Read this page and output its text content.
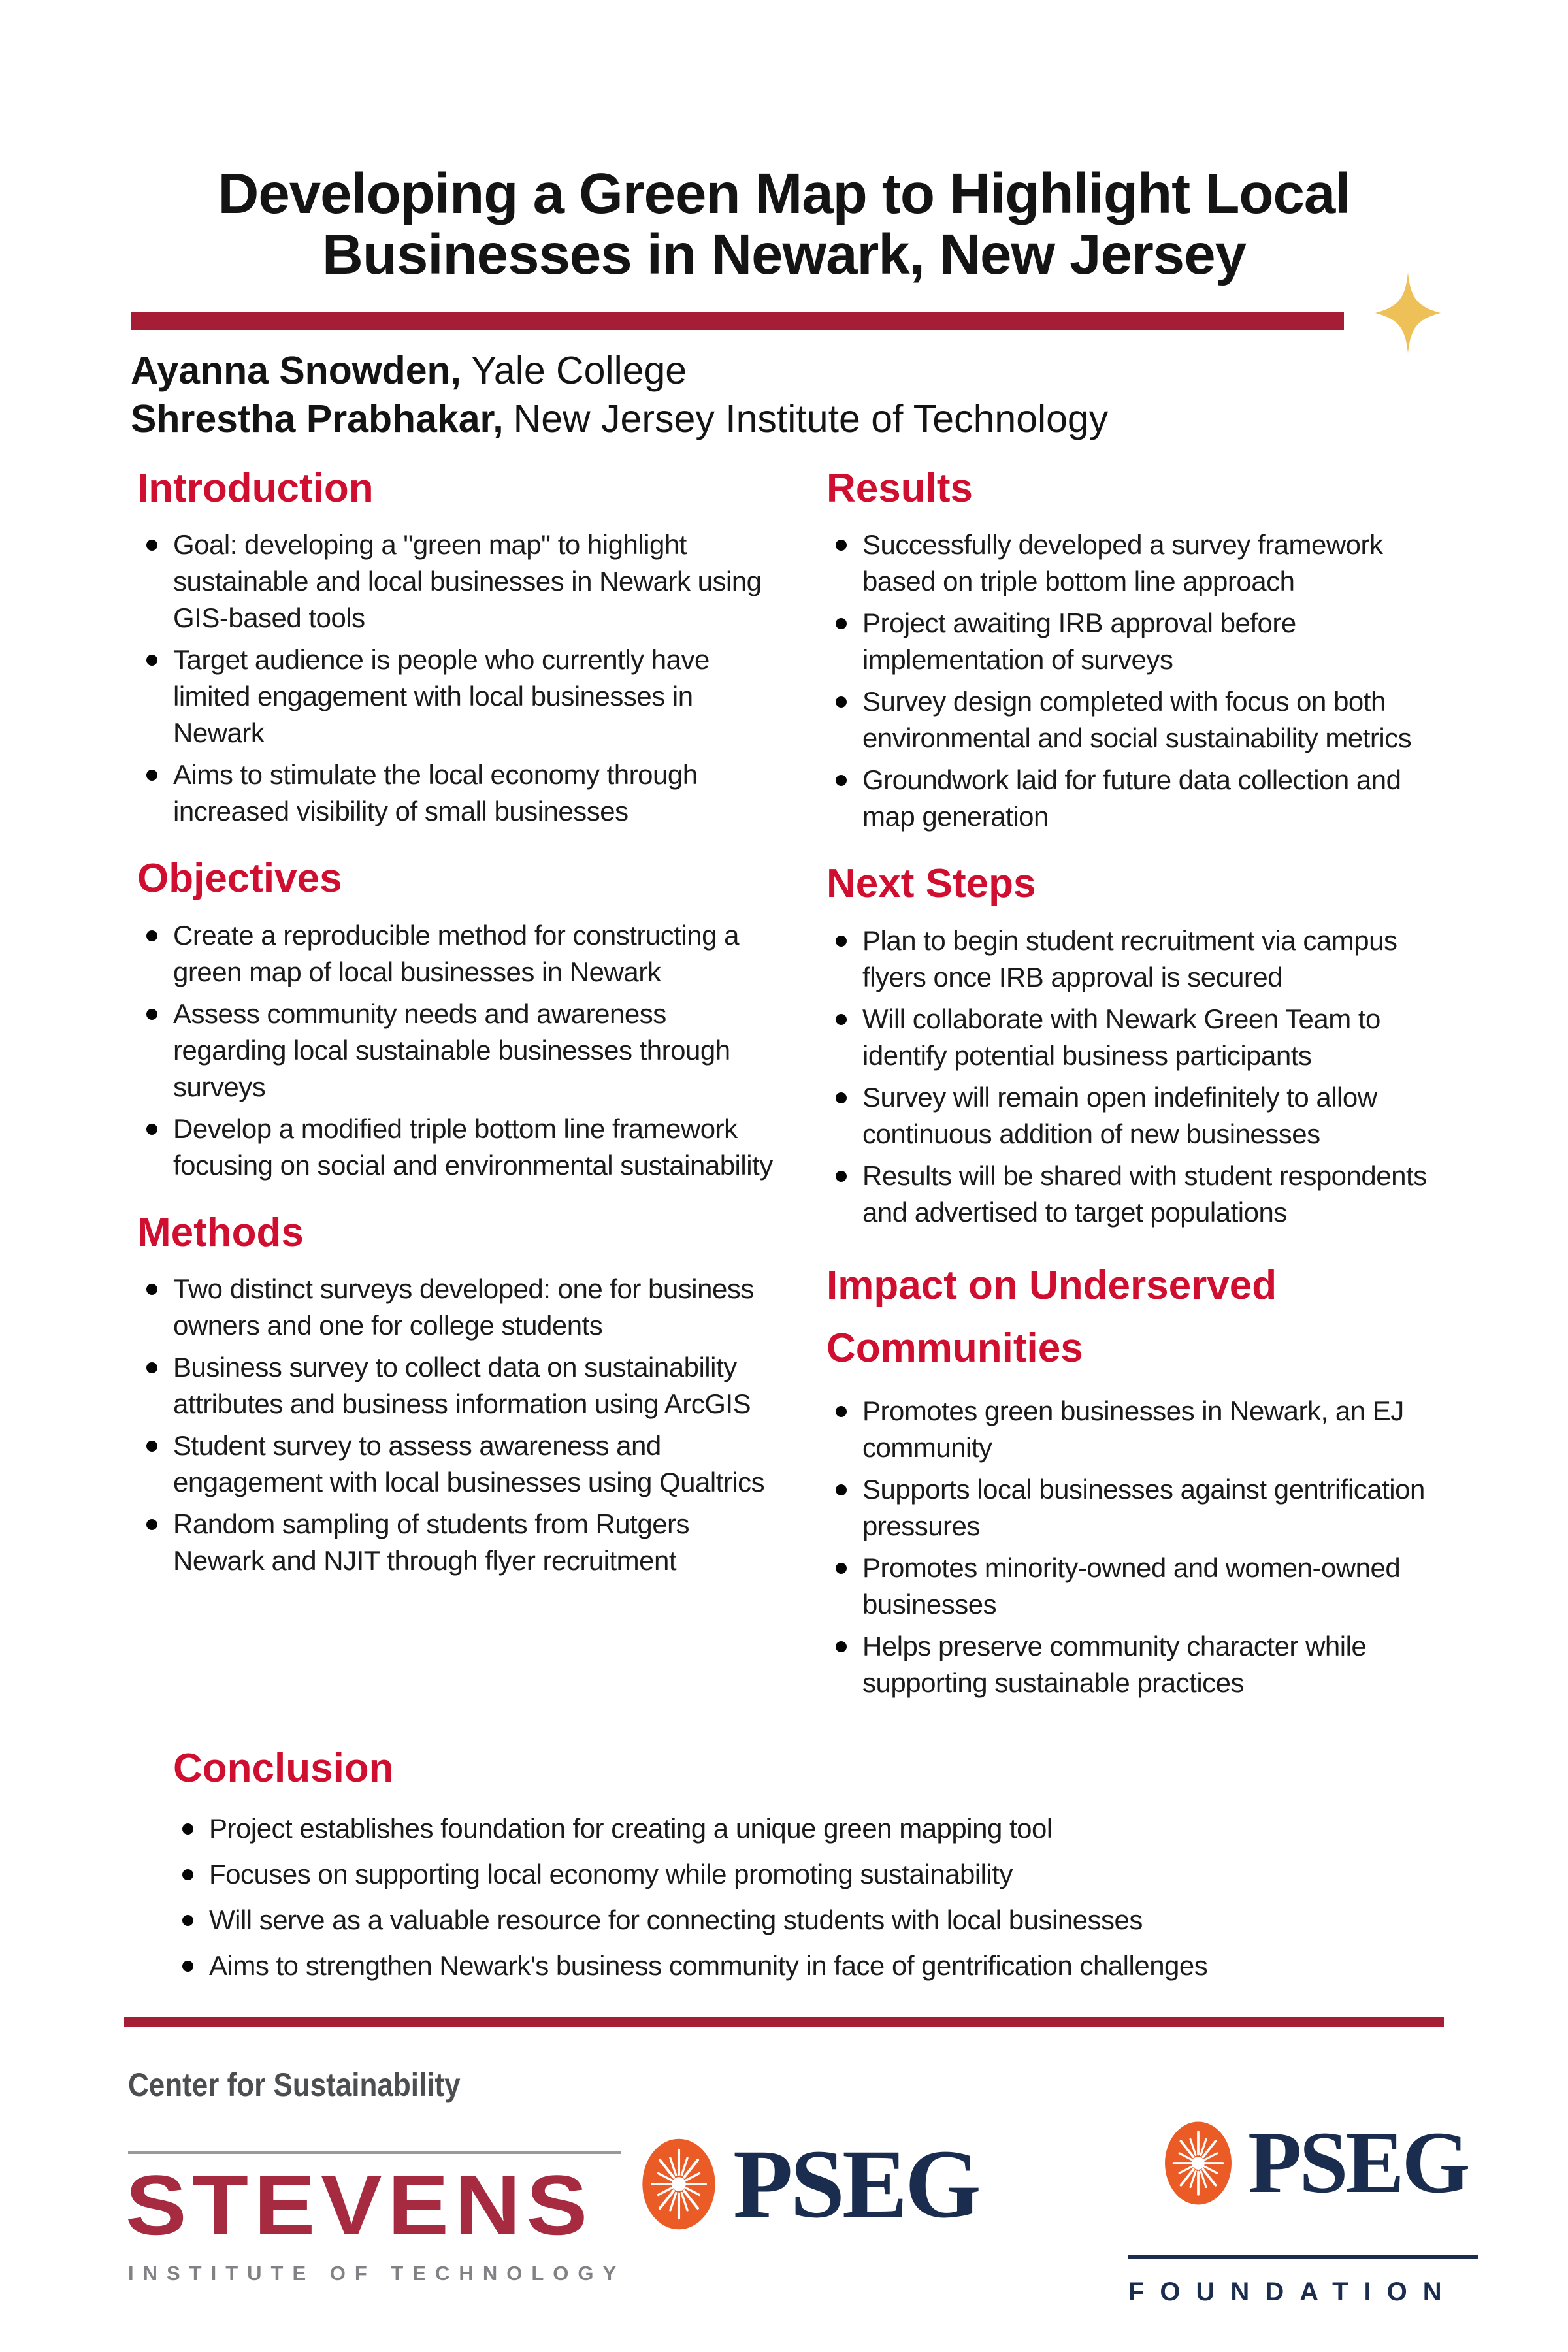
Developing a Green Map to Highlight Local
Businesses in Newark, New Jersey
Ayanna Snowden, Yale College
Shrestha Prabhakar, New Jersey Institute of Technology
Introduction
Goal: developing a "green map" to highlight sustainable and local businesses in Newark using GIS-based tools
Target audience is people who currently have limited engagement with local businesses in Newark
Aims to stimulate the local economy through increased visibility of small businesses
Objectives
Create a reproducible method for constructing a green map of local businesses in Newark
Assess community needs and awareness regarding local sustainable businesses through surveys
Develop a modified triple bottom line framework focusing on social and environmental sustainability
Methods
Two distinct surveys developed: one for business owners and one for college students
Business survey to collect data on sustainability attributes and business information using ArcGIS
Student survey to assess awareness and engagement with local businesses using Qualtrics
Random sampling of students from Rutgers Newark and NJIT through flyer recruitment
Results
Successfully developed a survey framework based on triple bottom line approach
Project awaiting IRB approval before implementation of surveys
Survey design completed with focus on both environmental and social sustainability metrics
Groundwork laid for future data collection and map generation
Next Steps
Plan to begin student recruitment via campus flyers once IRB approval is secured
Will collaborate with Newark Green Team to identify potential business participants
Survey will remain open indefinitely to allow continuous addition of new businesses
Results will be shared with student respondents and advertised to target populations
Impact on Underserved Communities
Promotes green businesses in Newark, an EJ community
Supports local businesses against gentrification pressures
Promotes minority-owned and women-owned businesses
Helps preserve community character while supporting sustainable practices
Conclusion
Project establishes foundation for creating a unique green mapping tool
Focuses on supporting local economy while promoting sustainability
Will serve as a valuable resource for connecting students with local businesses
Aims to strengthen Newark's business community in face of gentrification challenges
Center for Sustainability
STEVENS
INSTITUTE OF TECHNOLOGY
PSEG	PSEG
FOUNDATION
